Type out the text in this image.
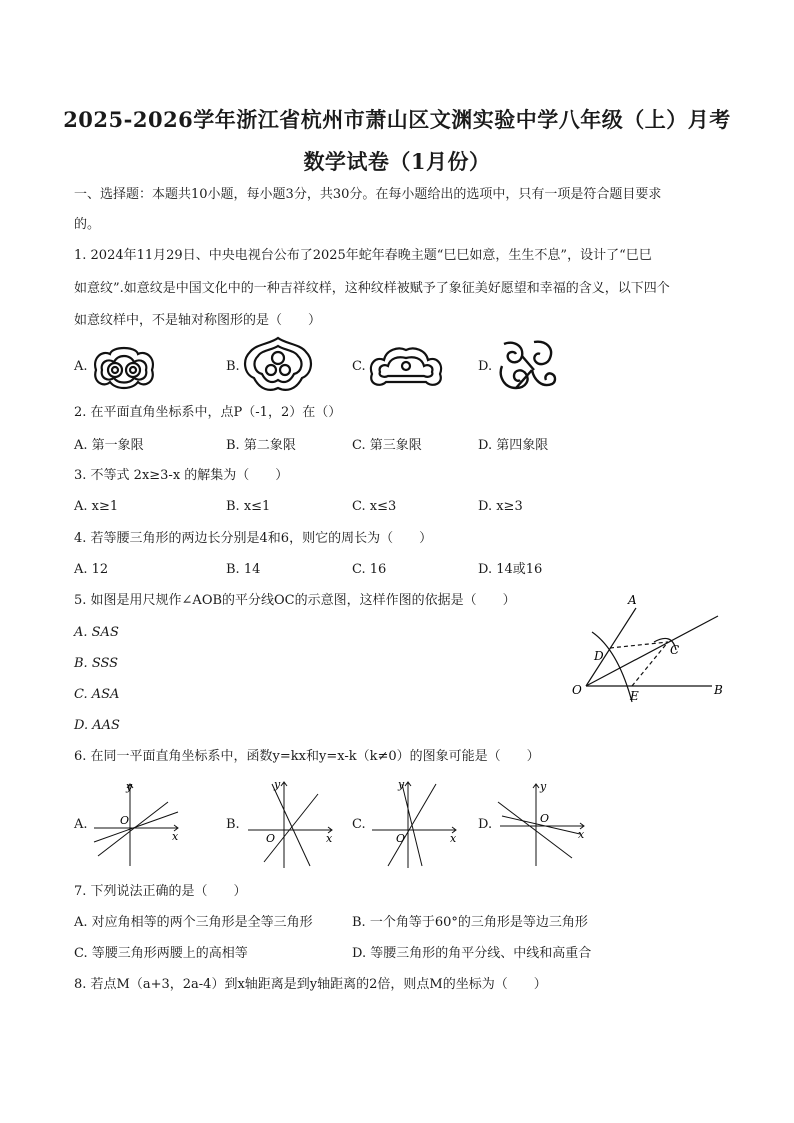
2025-2026学年浙江省杭州市萧山区文渊实验中学八年级（上）月考
数学试卷（1月份）
一、选择题：本题共10小题，每小题3分，共30分。在每小题给出的选项中，只有一项是符合题目要求
的。
1. 2024年11月29日、中央电视台公布了2025年蛇年春晚主题“巳巳如意，生生不息”，设计了“巳巳
如意纹”.如意纹是中国文化中的一种吉祥纹样，这种纹样被赋予了象征美好愿望和幸福的含义，以下四个
如意纹样中，不是轴对称图形的是（　　）
A.	B.	C.	D.
2. 在平面直角坐标系中，点P（-1，2）在（）
A. 第一象限	B. 第二象限	C. 第三象限	D. 第四象限
3. 不等式 2x≥3-x 的解集为（　　）
A. x≥1	B. x≤1	C. x≤3	D. x≥3
4. 若等腰三角形的两边长分别是4和6，则它的周长为（　　）
A. 12	B. 14	C. 16	D. 14或16
5. 如图是用尺规作∠AOB的平分线OC的示意图，这样作图的依据是（　　）
A. SAS
B. SSS
C. ASA
D. AAS
A
B
C
D
E
O
6. 在同一平面直角坐标系中，函数y=kx和y=x-k（k≠0）的图象可能是（　　）
A.
y
x
O	B.
y
x
O
C.
y
x
O
D.
y
x
O
7. 下列说法正确的是（　　）
A. 对应角相等的两个三角形是全等三角形	B. 一个角等于60°的三角形是等边三角形
C. 等腰三角形两腰上的高相等	D. 等腰三角形的角平分线、中线和高重合
8. 若点M（a+3，2a-4）到x轴距离是到y轴距离的2倍，则点M的坐标为（　　）
